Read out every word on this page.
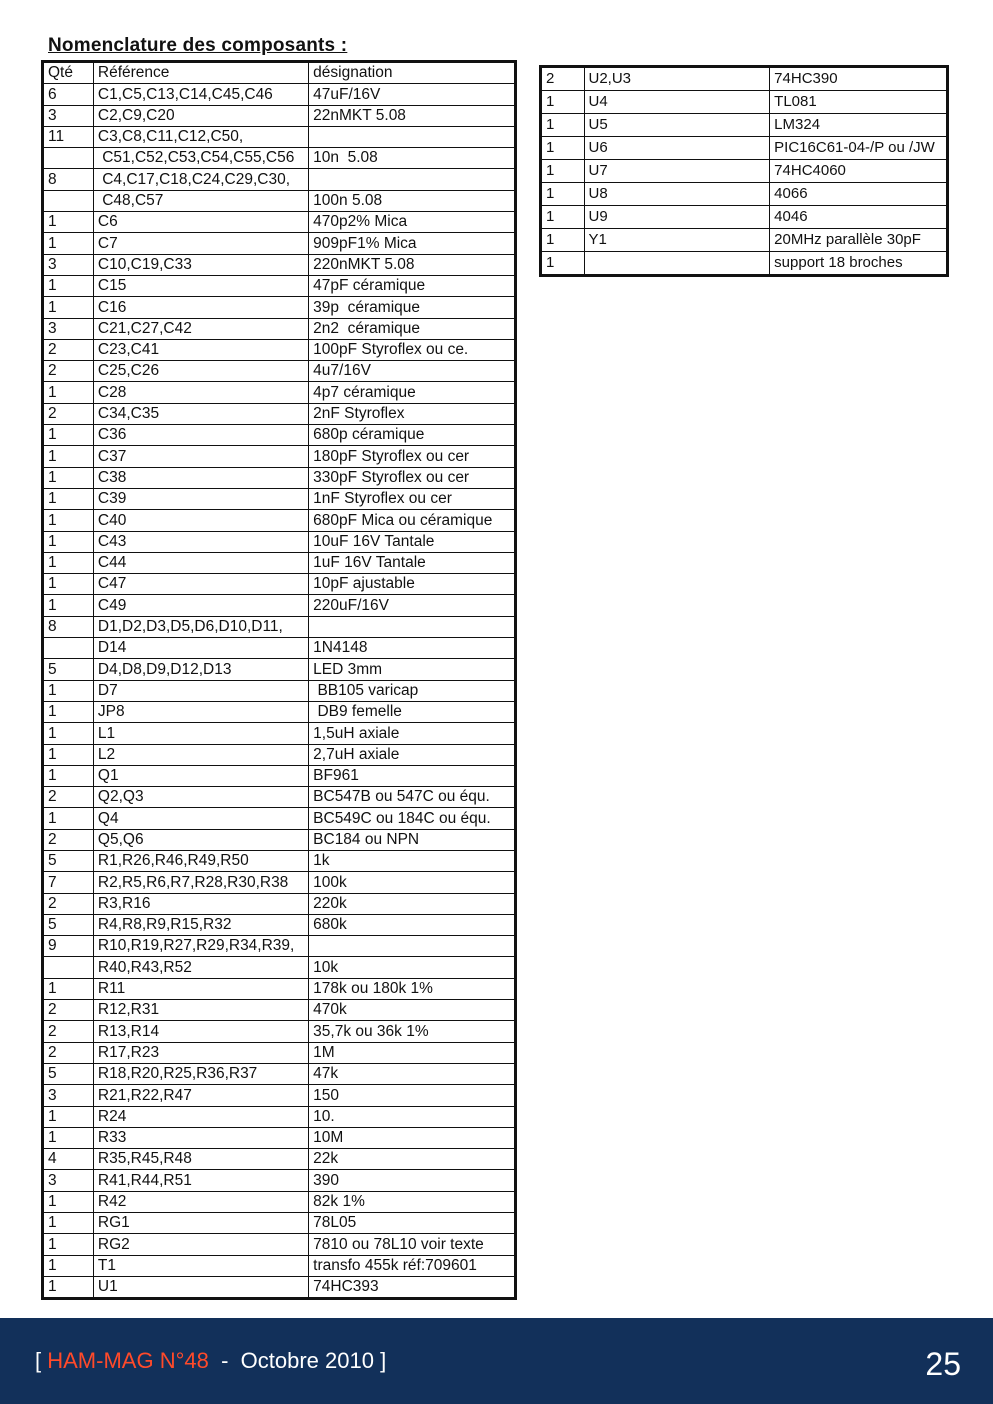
Nomenclature des composants :
Qté	Référence	désignation
6	C1,C5,C13,C14,C45,C46	47uF/16V
3	C2,C9,C20	22nMKT 5.08
11	C3,C8,C11,C12,C50,	
	C51,C52,C53,C54,C55,C56	10n  5.08
8	C4,C17,C18,C24,C29,C30,	
	C48,C57	100n 5.08
1	C6	470p2% Mica
1	C7	909pF1% Mica
3	C10,C19,C33	220nMKT 5.08
1	C15	47pF céramique
1	C16	39p  céramique
3	C21,C27,C42	2n2  céramique
2	C23,C41	100pF Styroflex ou ce.
2	C25,C26	4u7/16V
1	C28	4p7 céramique
2	C34,C35	2nF Styroflex
1	C36	680p céramique
1	C37	180pF Styroflex ou cer
1	C38	330pF Styroflex ou cer
1	C39	1nF Styroflex ou cer
1	C40	680pF Mica ou céramique
1	C43	10uF 16V Tantale
1	C44	1uF 16V Tantale
1	C47	10pF ajustable
1	C49	220uF/16V
8	D1,D2,D3,D5,D6,D10,D11,	
	D14	1N4148
5	D4,D8,D9,D12,D13	LED 3mm
1	D7	BB105 varicap
1	JP8	DB9 femelle
1	L1	1,5uH axiale
1	L2	2,7uH axiale
1	Q1	BF961
2	Q2,Q3	BC547B ou 547C ou équ.
1	Q4	BC549C ou 184C ou équ.
2	Q5,Q6	BC184 ou NPN
5	R1,R26,R46,R49,R50	1k
7	R2,R5,R6,R7,R28,R30,R38	100k
2	R3,R16	220k
5	R4,R8,R9,R15,R32	680k
9	R10,R19,R27,R29,R34,R39,	
	R40,R43,R52	10k
1	R11	178k ou 180k 1%
2	R12,R31	470k
2	R13,R14	35,7k ou 36k 1%
2	R17,R23	1M
5	R18,R20,R25,R36,R37	47k
3	R21,R22,R47	150
1	R24	10.
1	R33	10M
4	R35,R45,R48	22k
3	R41,R44,R51	390
1	R42	82k 1%
1	RG1	78L05
1	RG2	7810 ou 78L10 voir texte
1	T1	transfo 455k réf:709601
1	U1	74HC393
2	U2,U3	74HC390
1	U4	TL081
1	U5	LM324
1	U6	PIC16C61-04-/P ou /JW
1	U7	74HC4060
1	U8	4066
1	U9	4046
1	Y1	20MHz parallèle 30pF
1		support 18 broches
[ HAM-MAG N°48 - Octobre 2010 ]	25
